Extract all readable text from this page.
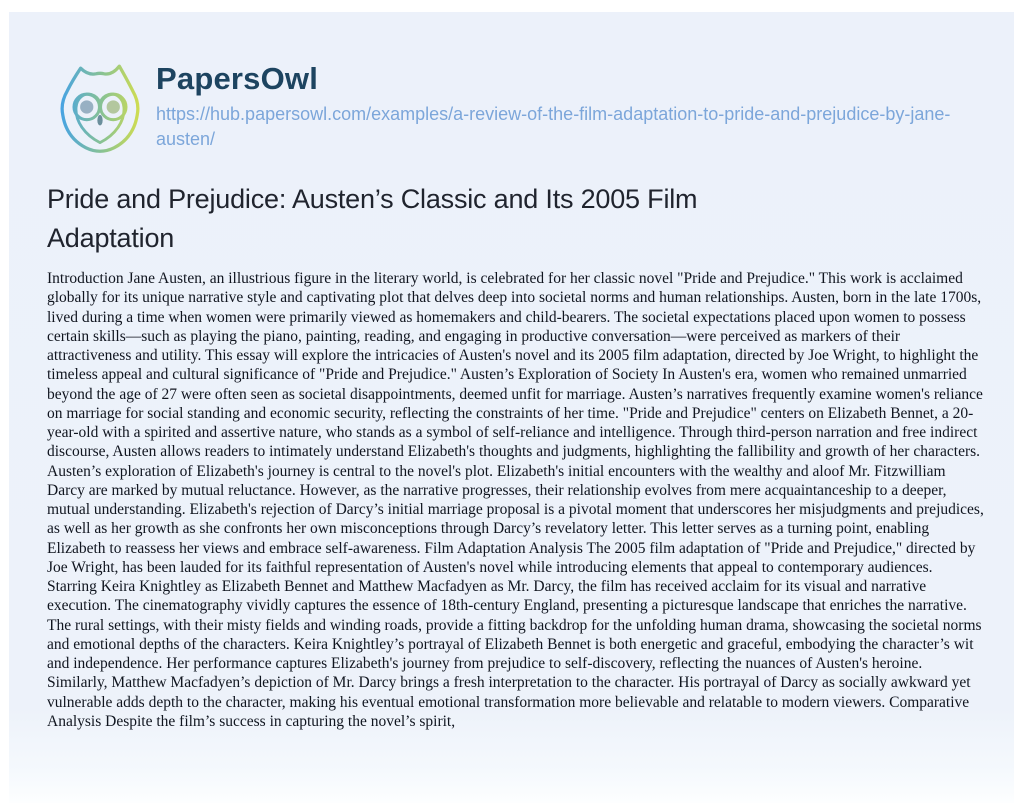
PapersOwl
https://hub.papersowl.com/examples/a-review-of-the-film-adaptation-to-pride-and-prejudice-by-jane-austen/
Pride and Prejudice: Austen’s Classic and Its 2005 Film Adaptation

Introduction Jane Austen, an illustrious figure in the literary world, is celebrated for her classic novel "Pride and Prejudice." This work is acclaimed globally for its unique narrative style and captivating plot that delves deep into societal norms and human relationships. Austen, born in the late 1700s, lived during a time when women were primarily viewed as homemakers and child-bearers. The societal expectations placed upon women to possess certain skills—such as playing the piano, painting, reading, and engaging in productive conversation—were perceived as markers of their attractiveness and utility. This essay will explore the intricacies of Austen's novel and its 2005 film adaptation, directed by Joe Wright, to highlight the timeless appeal and cultural significance of "Pride and Prejudice." Austen’s Exploration of Society In Austen's era, women who remained unmarried beyond the age of 27 were often seen as societal disappointments, deemed unfit for marriage. Austen’s narratives frequently examine women's reliance on marriage for social standing and economic security, reflecting the constraints of her time. "Pride and Prejudice" centers on Elizabeth Bennet, a 20-year-old with a spirited and assertive nature, who stands as a symbol of self-reliance and intelligence. Through third-person narration and free indirect discourse, Austen allows readers to intimately understand Elizabeth's thoughts and judgments, highlighting the fallibility and growth of her characters. Austen’s exploration of Elizabeth's journey is central to the novel's plot. Elizabeth's initial encounters with the wealthy and aloof Mr. Fitzwilliam Darcy are marked by mutual reluctance. However, as the narrative progresses, their relationship evolves from mere acquaintanceship to a deeper, mutual understanding. Elizabeth's rejection of Darcy’s initial marriage proposal is a pivotal moment that underscores her misjudgments and prejudices, as well as her growth as she confronts her own misconceptions through Darcy’s revelatory letter. This letter serves as a turning point, enabling Elizabeth to reassess her views and embrace self-awareness. Film Adaptation Analysis The 2005 film adaptation of "Pride and Prejudice," directed by Joe Wright, has been lauded for its faithful representation of Austen's novel while introducing elements that appeal to contemporary audiences. Starring Keira Knightley as Elizabeth Bennet and Matthew Macfadyen as Mr. Darcy, the film has received acclaim for its visual and narrative execution. The cinematography vividly captures the essence of 18th-century England, presenting a picturesque landscape that enriches the narrative. The rural settings, with their misty fields and winding roads, provide a fitting backdrop for the unfolding human drama, showcasing the societal norms and emotional depths of the characters. Keira Knightley’s portrayal of Elizabeth Bennet is both energetic and graceful, embodying the character’s wit and independence. Her performance captures Elizabeth's journey from prejudice to self-discovery, reflecting the nuances of Austen's heroine. Similarly, Matthew Macfadyen’s depiction of Mr. Darcy brings a fresh interpretation to the character. His portrayal of Darcy as socially awkward yet vulnerable adds depth to the character, making his eventual emotional transformation more believable and relatable to modern viewers. Comparative Analysis Despite the film’s success in capturing the novel’s spirit,
